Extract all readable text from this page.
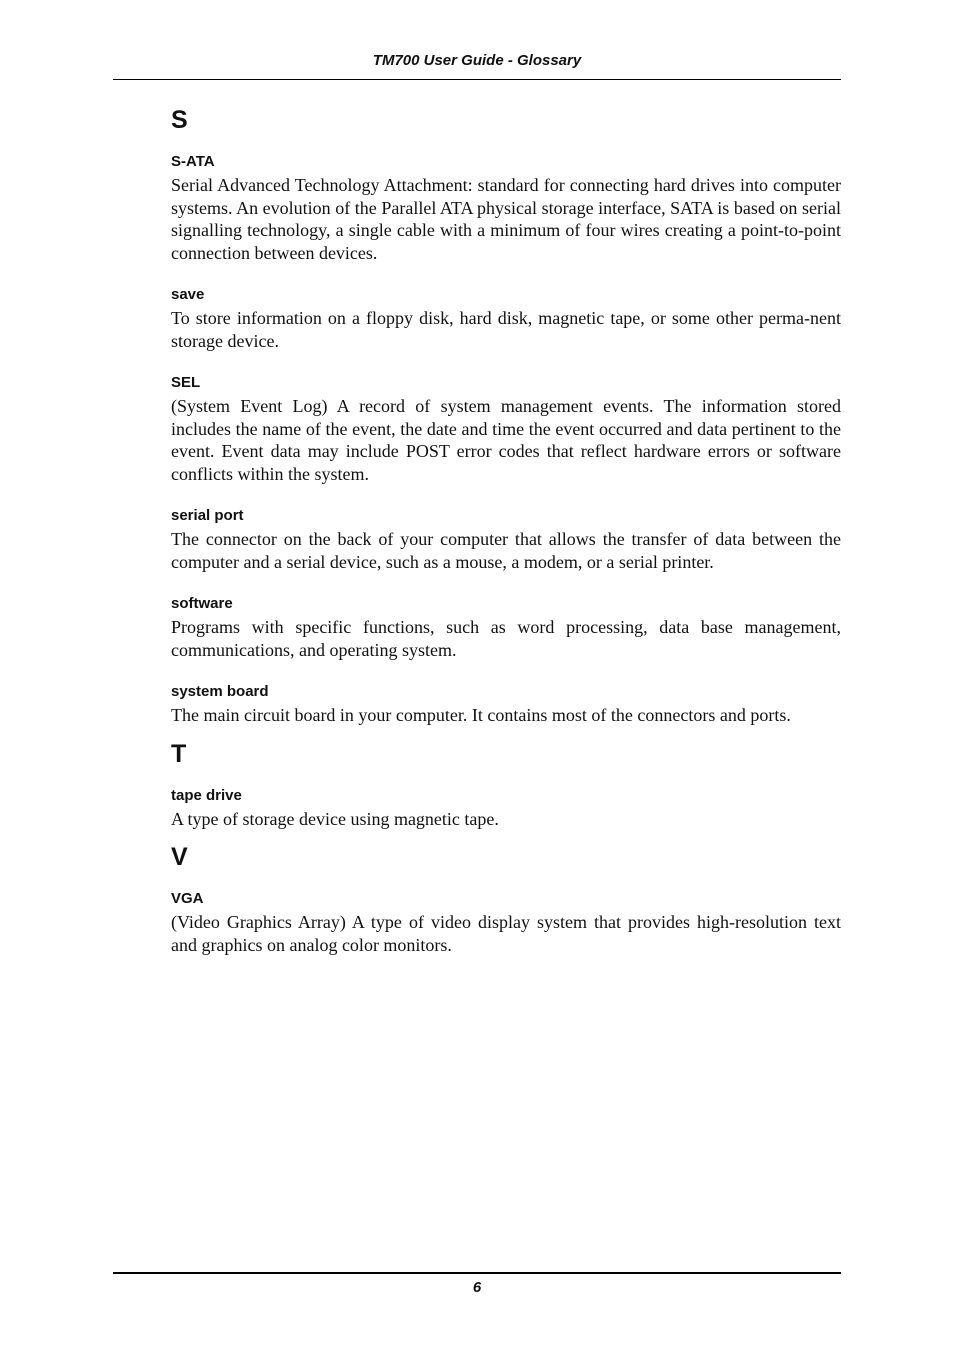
TM700 User Guide - Glossary
S
S-ATA
Serial Advanced Technology Attachment: standard for connecting hard drives into computer systems. An evolution of the Parallel ATA physical storage interface, SATA is based on serial signalling technology, a single cable with a minimum of four wires creating a point-to-point connection between devices.
save
To store information on a floppy disk, hard disk, magnetic tape, or some other perma-nent storage device.
SEL
(System Event Log) A record of system management events. The information stored includes the name of the event, the date and time the event occurred and data pertinent to the event. Event data may include POST error codes that reflect hardware errors or software conflicts within the system.
serial port
The connector on the back of your computer that allows the transfer of data between the computer and a serial device, such as a mouse, a modem, or a serial printer.
software
Programs with specific functions, such as word processing, data base management, communications, and operating system.
system board
The main circuit board in your computer. It contains most of the connectors and ports.
T
tape drive
A type of storage device using magnetic tape.
V
VGA
(Video Graphics Array) A type of video display system that provides high-resolution text and graphics on analog color monitors.
6
